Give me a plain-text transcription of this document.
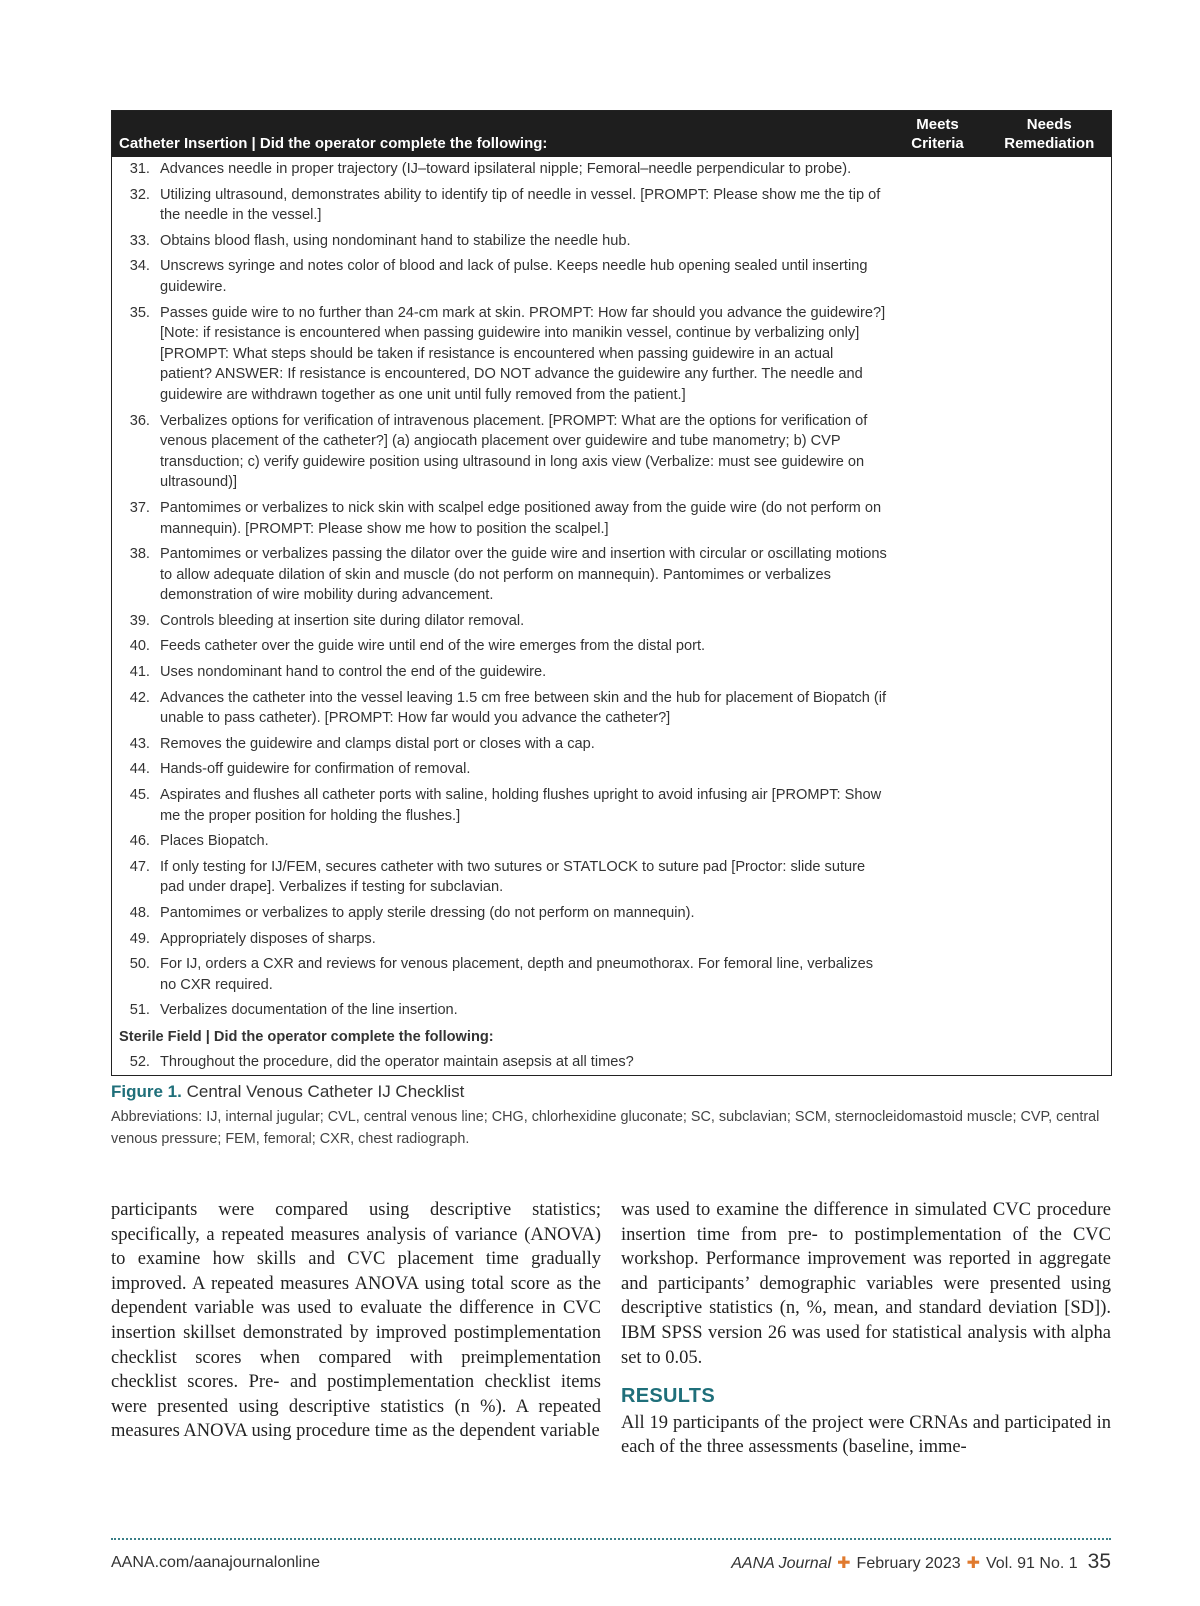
Catheter Insertion | Did the operator complete the following:	Meets Criteria	Needs Remediation

31. Advances needle in proper trajectory (IJ–toward ipsilateral nipple; Femoral–needle perpendicular to probe).		

32. Utilizing ultrasound, demonstrates ability to identify tip of needle in vessel. [PROMPT: Please show me the tip of the needle in the vessel.]		

33. Obtains blood flash, using nondominant hand to stabilize the needle hub.		

34. Unscrews syringe and notes color of blood and lack of pulse. Keeps needle hub opening sealed until inserting guidewire.		

35. Passes guide wire to no further than 24-cm mark at skin. PROMPT: How far should you advance the guidewire?] [Note: if resistance is encountered when passing guidewire into manikin vessel, continue by verbalizing only] [PROMPT: What steps should be taken if resistance is encountered when passing guidewire in an actual patient? ANSWER: If resistance is encountered, DO NOT advance the guidewire any further. The needle and guidewire are withdrawn together as one unit until fully removed from the patient.]		

36. Verbalizes options for verification of intravenous placement. [PROMPT: What are the options for verification of venous placement of the catheter?] (a) angiocath placement over guidewire and tube manometry; b) CVP transduction; c) verify guidewire position using ultrasound in long axis view (Verbalize: must see guidewire on ultrasound)]		

37. Pantomimes or verbalizes to nick skin with scalpel edge positioned away from the guide wire (do not perform on mannequin). [PROMPT: Please show me how to position the scalpel.]		

38. Pantomimes or verbalizes passing the dilator over the guide wire and insertion with circular or oscillating motions to allow adequate dilation of skin and muscle (do not perform on mannequin). Pantomimes or verbalizes demonstration of wire mobility during advancement.		

39. Controls bleeding at insertion site during dilator removal.		

40. Feeds catheter over the guide wire until end of the wire emerges from the distal port.		

41. Uses nondominant hand to control the end of the guidewire.		

42. Advances the catheter into the vessel leaving 1.5 cm free between skin and the hub for placement of Biopatch (if unable to pass catheter). [PROMPT: How far would you advance the catheter?]		

43. Removes the guidewire and clamps distal port or closes with a cap.		

44. Hands-off guidewire for confirmation of removal.		

45. Aspirates and flushes all catheter ports with saline, holding flushes upright to avoid infusing air [PROMPT: Show me the proper position for holding the flushes.]		

46. Places Biopatch.		

47. If only testing for IJ/FEM, secures catheter with two sutures or STATLOCK to suture pad [Proctor: slide suture pad under drape]. Verbalizes if testing for subclavian.		

48. Pantomimes or verbalizes to apply sterile dressing (do not perform on mannequin).		

49. Appropriately disposes of sharps.		

50. For IJ, orders a CXR and reviews for venous placement, depth and pneumothorax. For femoral line, verbalizes no CXR required.		

51. Verbalizes documentation of the line insertion.		

Sterile Field | Did the operator complete the following:		

52. Throughout the procedure, did the operator maintain asepsis at all times?		

Figure 1. Central Venous Catheter IJ Checklist
Abbreviations: IJ, internal jugular; CVL, central venous line; CHG, chlorhexidine gluconate; SC, subclavian; SCM, sternocleidomastoid muscle; CVP, central venous pressure; FEM, femoral; CXR, chest radiograph.

participants were compared using descriptive statistics; specifically, a repeated measures analysis of variance (ANOVA) to examine how skills and CVC placement time gradually improved. A repeated measures ANOVA using total score as the dependent variable was used to evaluate the difference in CVC insertion skillset demonstrated by improved postimplementation checklist scores when compared with preimplementation checklist scores. Pre- and postimplementation checklist items were presented using descriptive statistics (n %). A repeated measures ANOVA using procedure time as the dependent variable

was used to examine the difference in simulated CVC procedure insertion time from pre- to postimplementation of the CVC workshop. Performance improvement was reported in aggregate and participants’ demographic variables were presented using descriptive statistics (n, %, mean, and standard deviation [SD]). IBM SPSS version 26 was used for statistical analysis with alpha set to 0.05.

RESULTS

All 19 participants of the project were CRNAs and participated in each of the three assessments (baseline, imme-

AANA.com/aanajournalonline	AANA Journal ✚ February 2023 ✚ Vol. 91 No. 1 35
